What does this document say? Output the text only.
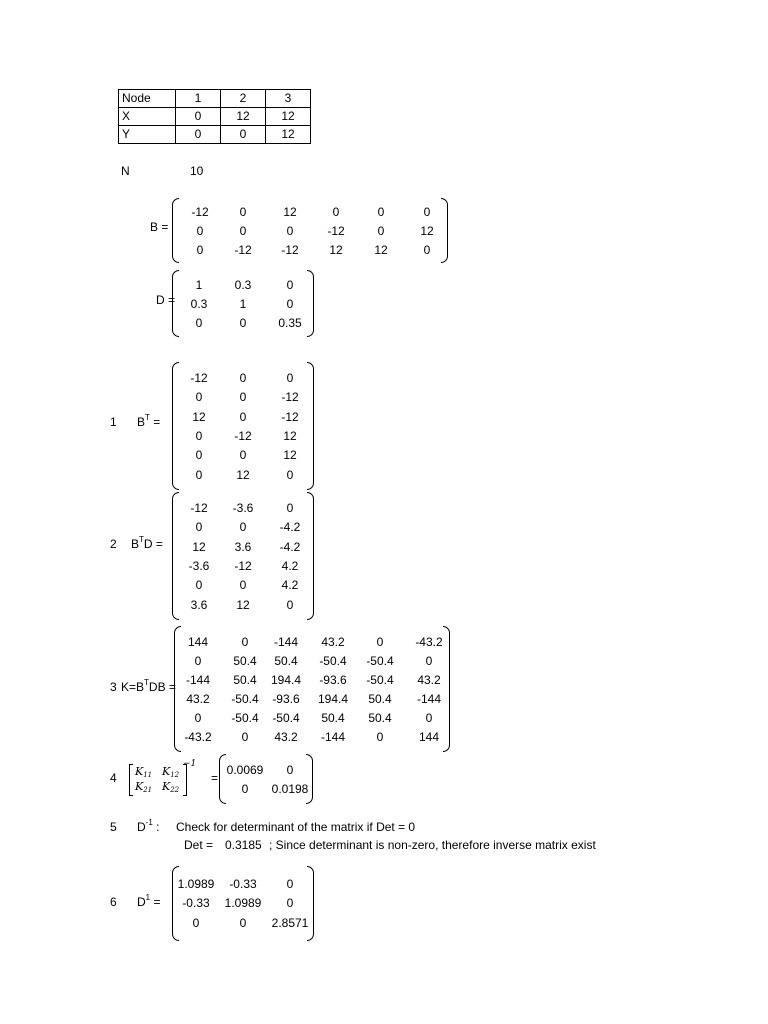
Node	1	2	3
X	0	12	12
Y	0	0	12
N	10
B =
-12	0	12	0	0	0
0	0	0	-12	0	12
0	-12	-12	12	12	0
D =
1	0.3	0
0.3	1	0
0	0	0.35
1 $B^T$ =
-12	0	0
0	0	-12
12	0	-12
0	-12	12
0	0	12
0	12	0
2 $B^TD$ =
-12	-3.6	0
0	0	-4.2
12	3.6	-4.2
-3.6	-12	4.2
0	0	4.2
3.6	12	0
3 $K=B^TDB$ =
144	0	-144	43.2	0	-43.2
0	50.4	50.4	-50.4	-50.4	0
-144	50.4	194.4	-93.6	-50.4	43.2
43.2	-50.4	-93.6	194.4	50.4	-144
0	-50.4	-50.4	50.4	50.4	0
-43.2	0	43.2	-144	0	144
4 $K_{11}$ $K_{12}$
$K_{21}$ $K_{22}$
−1
=
0.0069	0
0	0.0198
5 $D^{-1}$ : Check for determinant of the matrix if Det = 0
Det = 0.3185 ; Since determinant is non-zero, therefore inverse matrix exist
6 $D^1$ =
1.0989	-0.33	0
-0.33	1.0989	0
0	0	2.8571
